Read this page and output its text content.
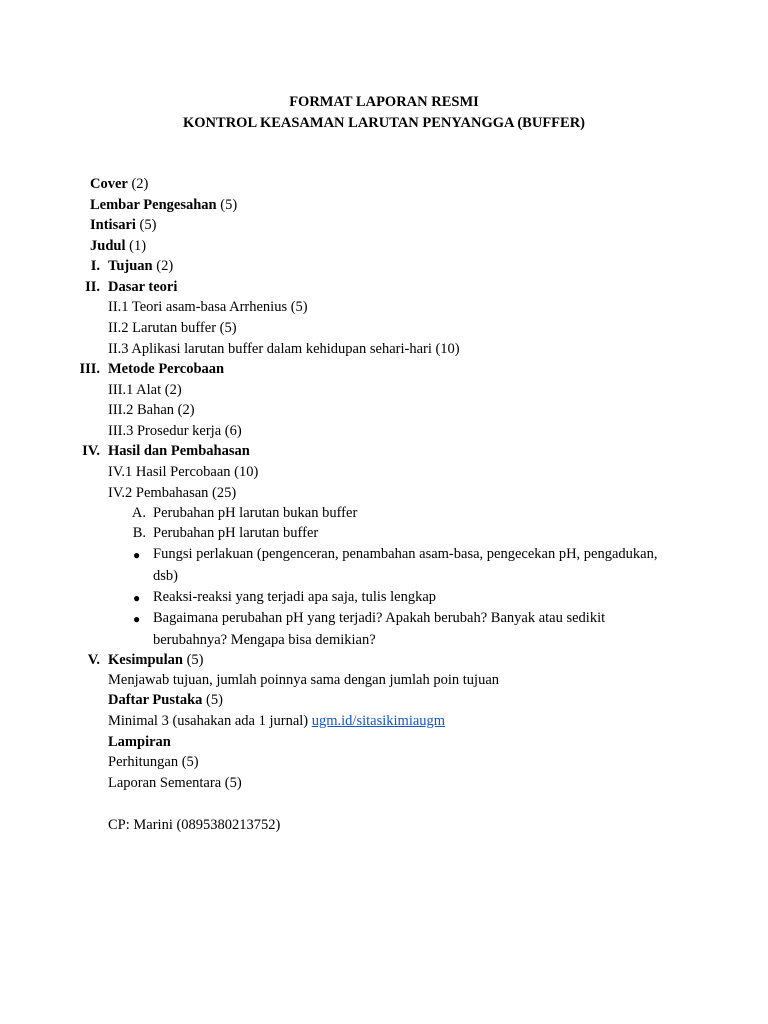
FORMAT LAPORAN RESMI
KONTROL KEASAMAN LARUTAN PENYANGGA (BUFFER)
Cover (2)
Lembar Pengesahan (5)
Intisari (5)
Judul (1)
I. Tujuan (2)
II. Dasar teori
II.1 Teori asam-basa Arrhenius (5)
II.2 Larutan buffer (5)
II.3 Aplikasi larutan buffer dalam kehidupan sehari-hari (10)
III. Metode Percobaan
III.1 Alat (2)
III.2 Bahan (2)
III.3 Prosedur kerja (6)
IV. Hasil dan Pembahasan
IV.1 Hasil Percobaan (10)
IV.2 Pembahasan (25)
A. Perubahan pH larutan bukan buffer
B. Perubahan pH larutan buffer
● Fungsi perlakuan (pengenceran, penambahan asam-basa, pengecekan pH, pengadukan,
dsb)
● Reaksi-reaksi yang terjadi apa saja, tulis lengkap
● Bagaimana perubahan pH yang terjadi? Apakah berubah? Banyak atau sedikit
berubahnya? Mengapa bisa demikian?
V. Kesimpulan (5)
Menjawab tujuan, jumlah poinnya sama dengan jumlah poin tujuan
Daftar Pustaka (5)
Minimal 3 (usahakan ada 1 jurnal) ugm.id/sitasikimiaugm
Lampiran
Perhitungan (5)
Laporan Sementara (5)
CP: Marini (0895380213752)
